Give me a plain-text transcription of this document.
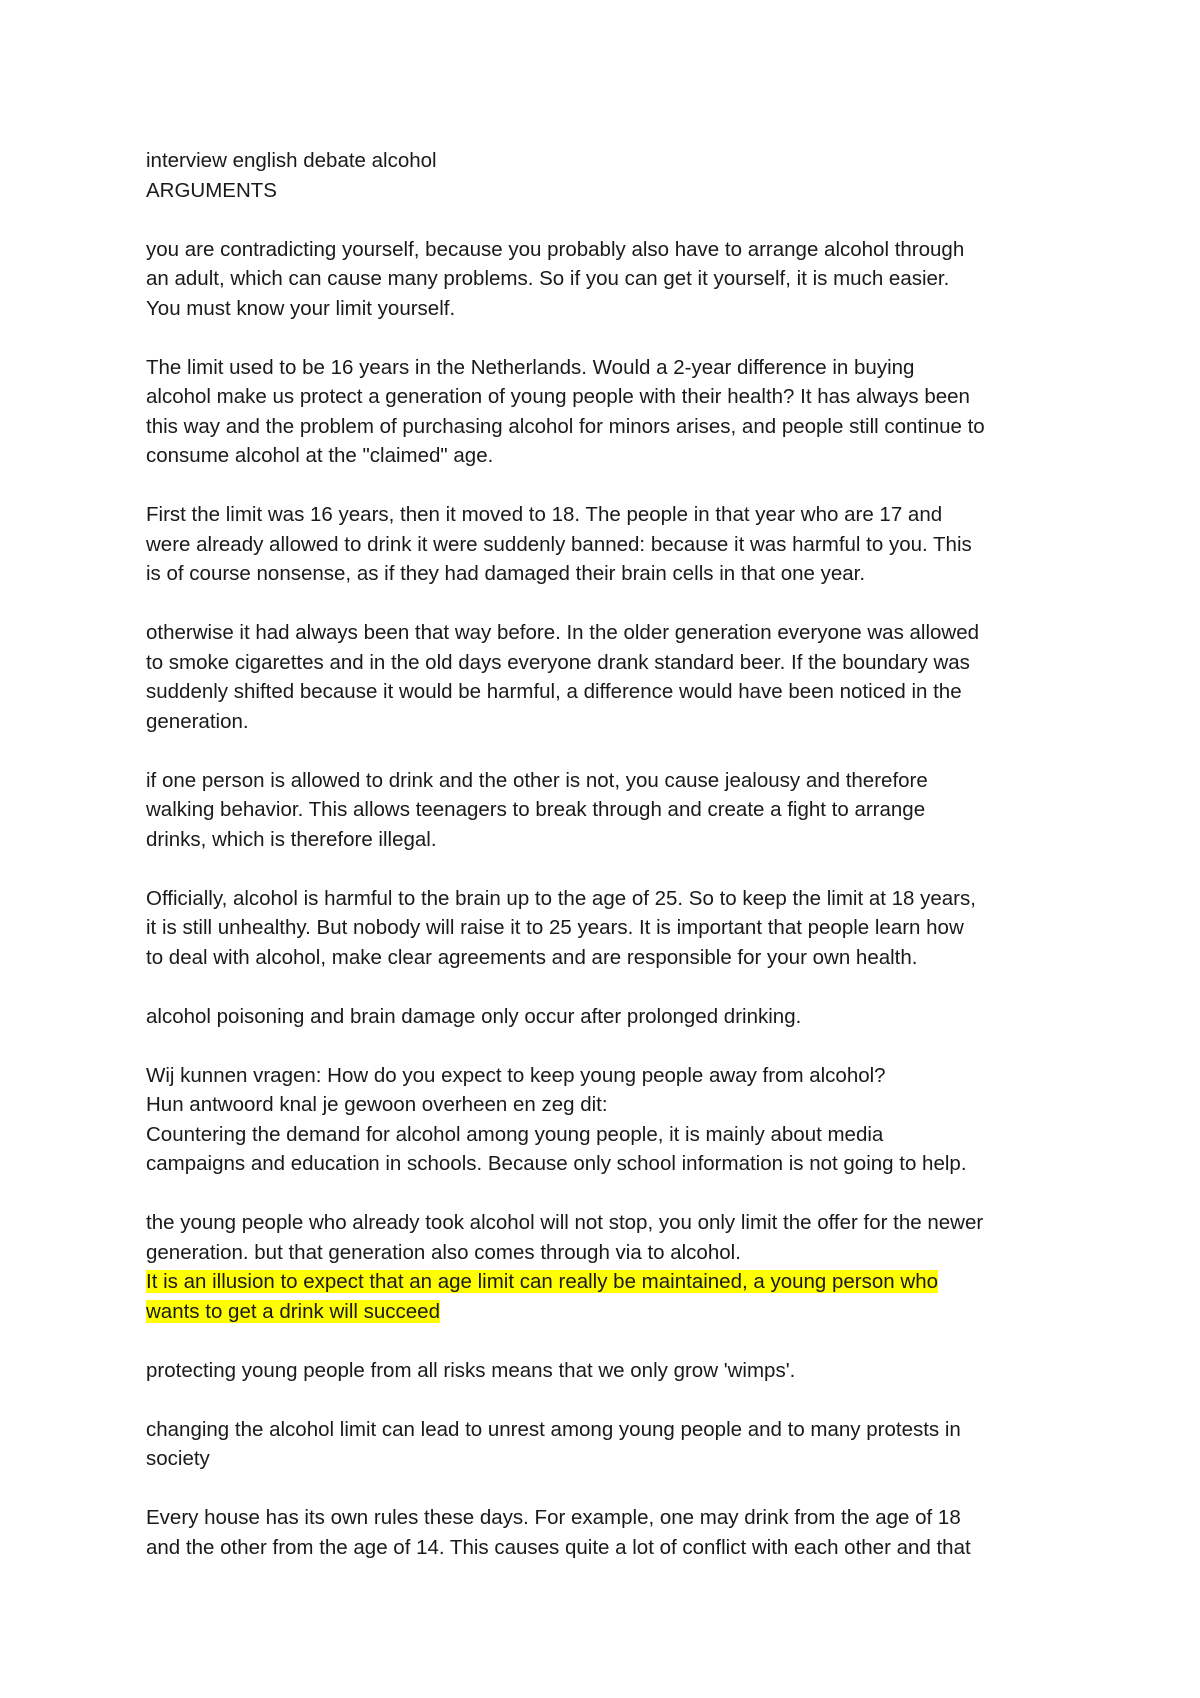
interview english debate alcohol
ARGUMENTS
you are contradicting yourself, because you probably also have to arrange alcohol through
an adult, which can cause many problems. So if you can get it yourself, it is much easier.
You must know your limit yourself.
The limit used to be 16 years in the Netherlands. Would a 2-year difference in buying
alcohol make us protect a generation of young people with their health? It has always been
this way and the problem of purchasing alcohol for minors arises, and people still continue to
consume alcohol at the "claimed" age.
First the limit was 16 years, then it moved to 18. The people in that year who are 17 and
were already allowed to drink it were suddenly banned: because it was harmful to you. This
is of course nonsense, as if they had damaged their brain cells in that one year.
otherwise it had always been that way before. In the older generation everyone was allowed
to smoke cigarettes and in the old days everyone drank standard beer. If the boundary was
suddenly shifted because it would be harmful, a difference would have been noticed in the
generation.
if one person is allowed to drink and the other is not, you cause jealousy and therefore
walking behavior. This allows teenagers to break through and create a fight to arrange
drinks, which is therefore illegal.
Officially, alcohol is harmful to the brain up to the age of 25. So to keep the limit at 18 years,
it is still unhealthy. But nobody will raise it to 25 years. It is important that people learn how
to deal with alcohol, make clear agreements and are responsible for your own health.
alcohol poisoning and brain damage only occur after prolonged drinking.
Wij kunnen vragen: How do you expect to keep young people away from alcohol?
Hun antwoord knal je gewoon overheen en zeg dit:
Countering the demand for alcohol among young people, it is mainly about media
campaigns and education in schools. Because only school information is not going to help.
the young people who already took alcohol will not stop, you only limit the offer for the newer
generation. but that generation also comes through via to alcohol.
It is an illusion to expect that an age limit can really be maintained, a young person who
wants to get a drink will succeed
protecting young people from all risks means that we only grow 'wimps'.
changing the alcohol limit can lead to unrest among young people and to many protests in
society
Every house has its own rules these days. For example, one may drink from the age of 18
and the other from the age of 14. This causes quite a lot of conflict with each other and that
